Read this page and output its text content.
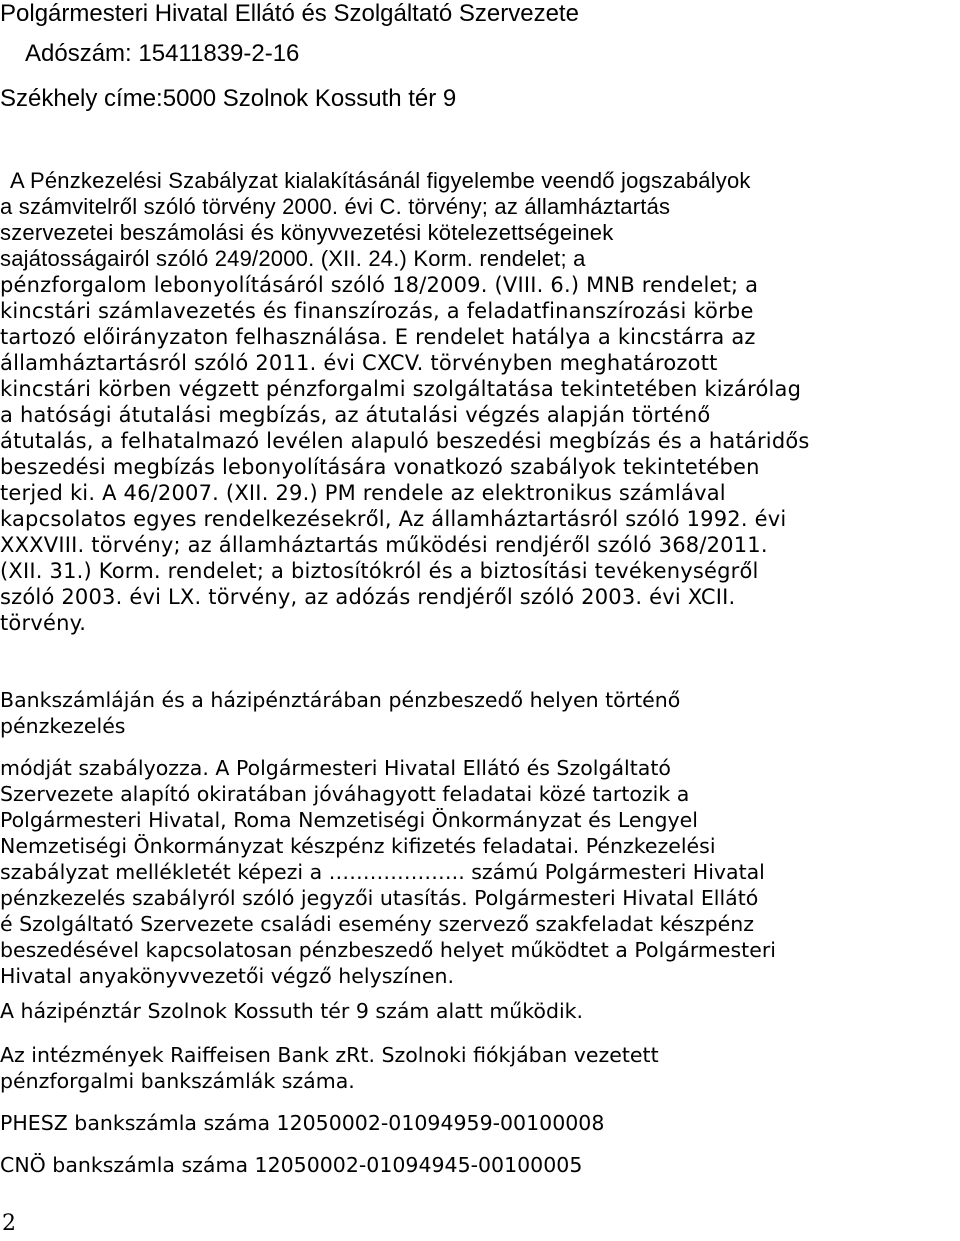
Polgármesteri Hivatal Ellátó és Szolgáltató Szervezete
Adószám: 15411839-2-16
Székhely címe:5000 Szolnok Kossuth tér 9
A Pénzkezelési Szabályzat kialakításánál figyelembe veendő jogszabályok
a számvitelről szóló törvény 2000. évi C. törvény; az államháztartás
szervezetei beszámolási és könyvvezetési kötelezettségeinek
sajátosságairól szóló 249/2000. (XII. 24.) Korm. rendelet; a
pénzforgalom lebonyolításáról szóló 18/2009. (VIII. 6.) MNB rendelet; a
kincstári számlavezetés és finanszírozás, a feladatfinanszírozási körbe
tartozó előirányzaton felhasználása. E rendelet hatálya a kincstárra az
államháztartásról szóló 2011. évi CXCV. törvényben meghatározott
kincstári körben végzett pénzforgalmi szolgáltatása tekintetében kizárólag
a hatósági átutalási megbízás, az átutalási végzés alapján történő
átutalás, a felhatalmazó levélen alapuló beszedési megbízás és a határidős
beszedési megbízás lebonyolítására vonatkozó szabályok tekintetében
terjed ki. A 46/2007. (XII. 29.) PM rendele az elektronikus számlával
kapcsolatos egyes rendelkezésekről, Az államháztartásról szóló 1992. évi
XXXVIII. törvény; az államháztartás működési rendjéről szóló 368/2011.
(XII. 31.) Korm. rendelet; a biztosítókról és a biztosítási tevékenységről
szóló 2003. évi LX. törvény, az adózás rendjéről szóló 2003. évi XCII.
törvény.
Bankszámláján és a házipénztárában pénzbeszedő helyen történő
pénzkezelés
módját szabályozza. A Polgármesteri Hivatal Ellátó és Szolgáltató
Szervezete alapító okiratában jóváhagyott feladatai közé tartozik a
Polgármesteri Hivatal, Roma Nemzetiségi Önkormányzat és Lengyel
Nemzetiségi Önkormányzat készpénz kifizetés feladatai. Pénzkezelési
szabályzat mellékletét képezi a ……………….. számú Polgármesteri Hivatal
pénzkezelés szabályról szóló jegyzői utasítás. Polgármesteri Hivatal Ellátó
é Szolgáltató Szervezete családi esemény szervező szakfeladat készpénz
beszedésével kapcsolatosan pénzbeszedő helyet működtet a Polgármesteri
Hivatal anyakönyvvezetői végző helyszínen.
A házipénztár Szolnok Kossuth tér 9 szám alatt működik.
Az intézmények Raiffeisen Bank zRt. Szolnoki fiókjában vezetett
pénzforgalmi bankszámlák száma.
PHESZ bankszámla száma 12050002-01094959-00100008
CNÖ bankszámla száma 12050002-01094945-00100005
2
